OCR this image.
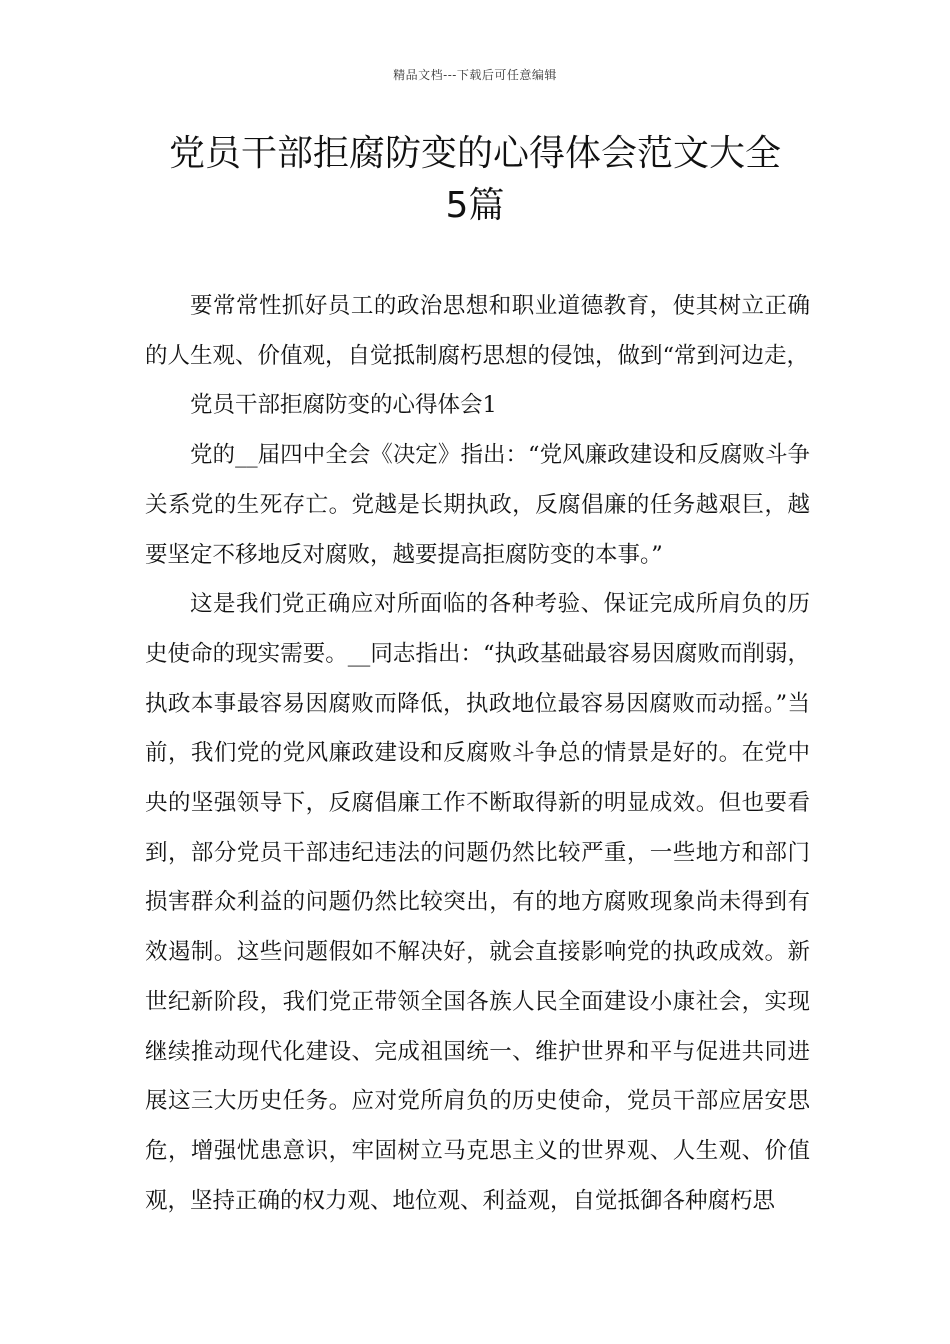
精品文档---下载后可任意编辑
党员干部拒腐防变的心得体会范文大全
5篇

要常常性抓好员工的政治思想和职业道德教育，使其树立正确的人生观、价值观，自觉抵制腐朽思想的侵蚀，做到“常到河边走，

党员干部拒腐防变的心得体会1

党的__届四中全会《决定》指出：“党风廉政建设和反腐败斗争关系党的生死存亡。党越是长期执政，反腐倡廉的任务越艰巨，越要坚定不移地反对腐败，越要提高拒腐防变的本事。”

这是我们党正确应对所面临的各种考验、保证完成所肩负的历史使命的现实需要。__同志指出：“执政基础最容易因腐败而削弱，执政本事最容易因腐败而降低，执政地位最容易因腐败而动摇。”当前，我们党的党风廉政建设和反腐败斗争总的情景是好的。在党中央的坚强领导下，反腐倡廉工作不断取得新的明显成效。但也要看到，部分党员干部违纪违法的问题仍然比较严重，一些地方和部门损害群众利益的问题仍然比较突出，有的地方腐败现象尚未得到有效遏制。这些问题假如不解决好，就会直接影响党的执政成效。新世纪新阶段，我们党正带领全国各族人民全面建设小康社会，实现继续推动现代化建设、完成祖国统一、维护世界和平与促进共同进展这三大历史任务。应对党所肩负的历史使命，党员干部应居安思危，增强忧患意识，牢固树立马克思主义的世界观、人生观、价值观，坚持正确的权力观、地位观、利益观，自觉抵御各种腐朽思
